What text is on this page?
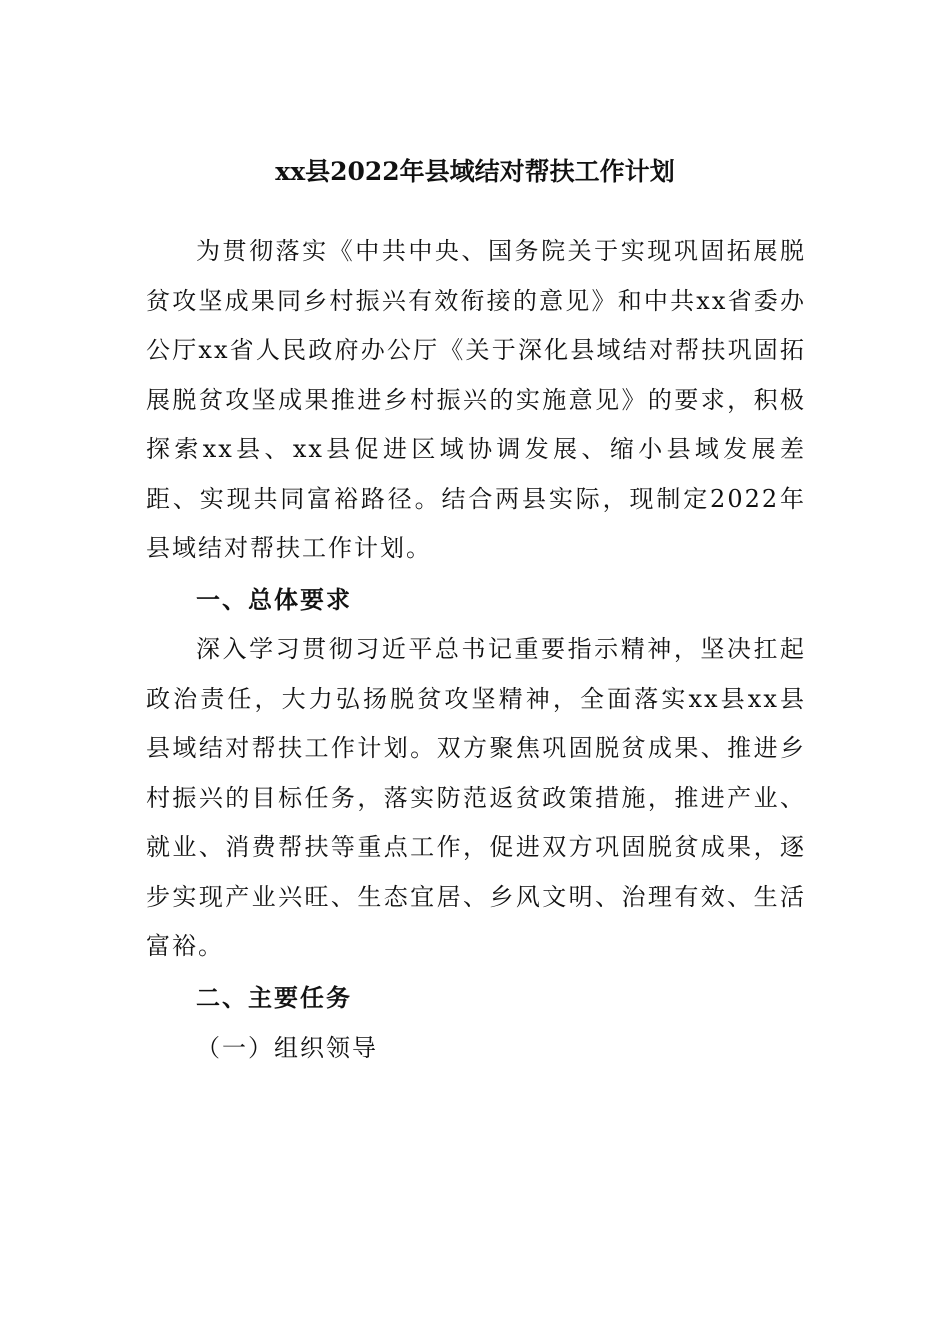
xx县2022年县域结对帮扶工作计划

为贯彻落实《中共中央、国务院关于实现巩固拓展脱贫攻坚成果同乡村振兴有效衔接的意见》和中共xx省委办公厅xx省人民政府办公厅《关于深化县域结对帮扶巩固拓展脱贫攻坚成果推进乡村振兴的实施意见》的要求，积极探索xx县、xx县促进区域协调发展、缩小县域发展差距、实现共同富裕路径。结合两县实际，现制定2022年县域结对帮扶工作计划。

一、总体要求

深入学习贯彻习近平总书记重要指示精神，坚决扛起政治责任，大力弘扬脱贫攻坚精神，全面落实xx县xx县县域结对帮扶工作计划。双方聚焦巩固脱贫成果、推进乡村振兴的目标任务，落实防范返贫政策措施，推进产业、就业、消费帮扶等重点工作，促进双方巩固脱贫成果，逐步实现产业兴旺、生态宜居、乡风文明、治理有效、生活富裕。

二、主要任务

（一）组织领导
